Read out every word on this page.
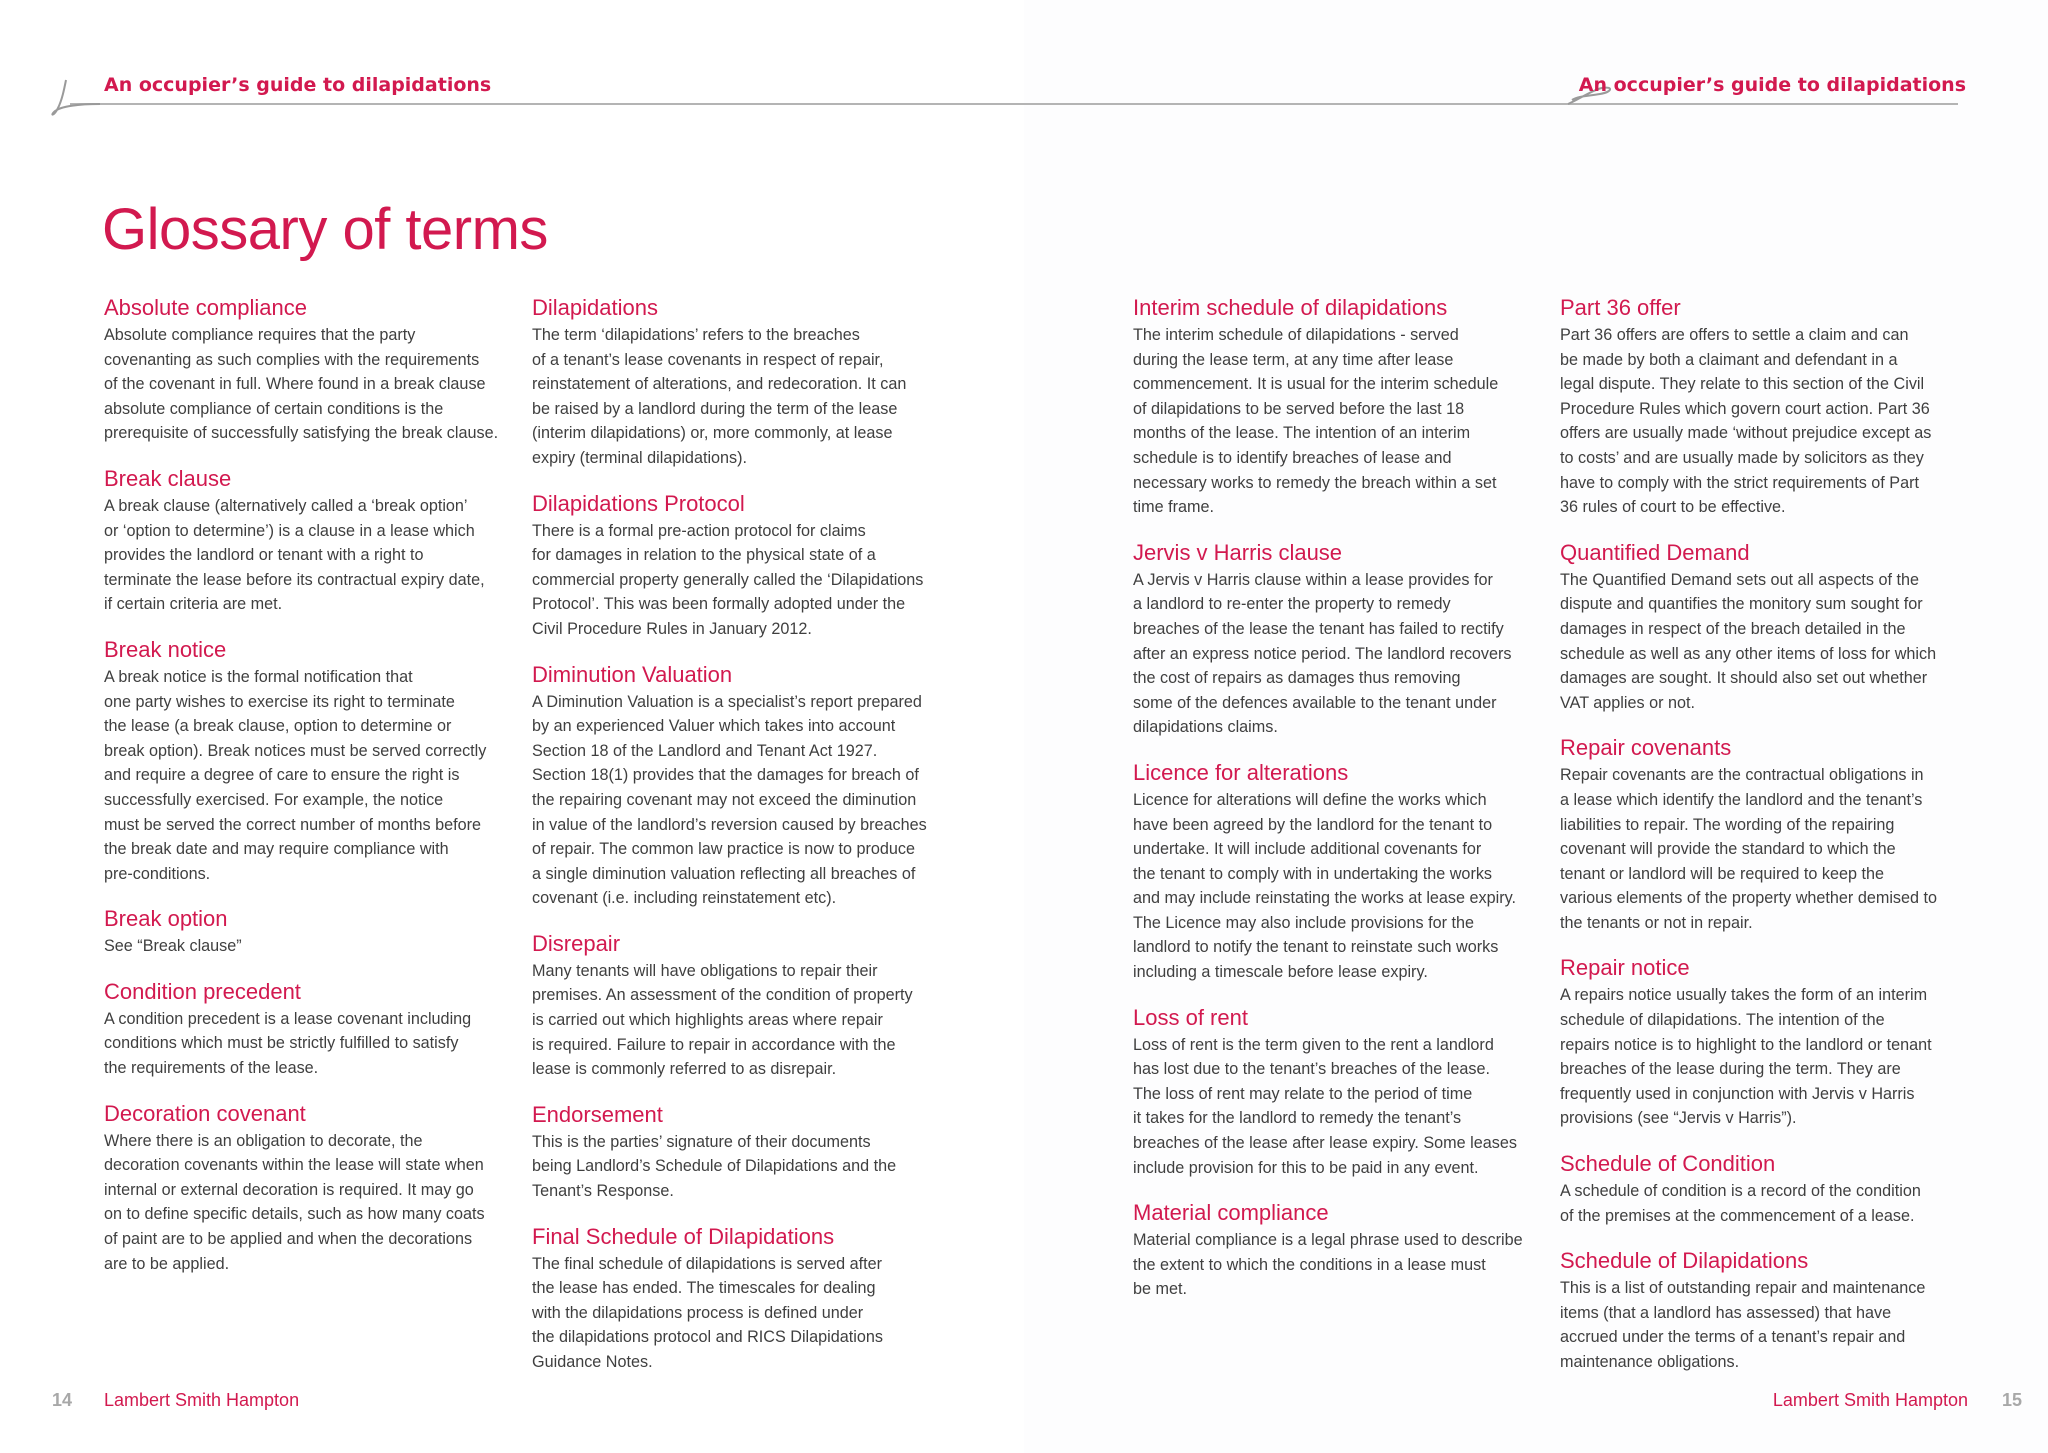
An occupier’s guide to dilapidations	An occupier’s guide to dilapidations
Glossary of terms

Absolute compliance

Absolute compliance requires that the party
covenanting as such complies with the requirements
of the covenant in full. Where found in a break clause
absolute compliance of certain conditions is the
prerequisite of successfully satisfying the break clause.

Break clause

A break clause (alternatively called a ‘break option’
or ‘option to determine’) is a clause in a lease which
provides the landlord or tenant with a right to
terminate the lease before its contractual expiry date,
if certain criteria are met.

Break notice

A break notice is the formal notification that
one party wishes to exercise its right to terminate
the lease (a break clause, option to determine or
break option). Break notices must be served correctly
and require a degree of care to ensure the right is
successfully exercised. For example, the notice
must be served the correct number of months before
the break date and may require compliance with
pre-conditions.

Break option

See “Break clause”

Condition precedent

A condition precedent is a lease covenant including
conditions which must be strictly fulfilled to satisfy
the requirements of the lease.

Decoration covenant

Where there is an obligation to decorate, the
decoration covenants within the lease will state when
internal or external decoration is required. It may go
on to define specific details, such as how many coats
of paint are to be applied and when the decorations
are to be applied.

Dilapidations

The term ‘dilapidations’ refers to the breaches
of a tenant’s lease covenants in respect of repair,
reinstatement of alterations, and redecoration. It can
be raised by a landlord during the term of the lease
(interim dilapidations) or, more commonly, at lease
expiry (terminal dilapidations).

Dilapidations Protocol

There is a formal pre-action protocol for claims
for damages in relation to the physical state of a
commercial property generally called the ‘Dilapidations
Protocol’. This was been formally adopted under the
Civil Procedure Rules in January 2012.

Diminution Valuation

A Diminution Valuation is a specialist’s report prepared
by an experienced Valuer which takes into account
Section 18 of the Landlord and Tenant Act 1927.
Section 18(1) provides that the damages for breach of
the repairing covenant may not exceed the diminution
in value of the landlord’s reversion caused by breaches
of repair. The common law practice is now to produce
a single diminution valuation reflecting all breaches of
covenant (i.e. including reinstatement etc).

Disrepair

Many tenants will have obligations to repair their
premises. An assessment of the condition of property
is carried out which highlights areas where repair
is required. Failure to repair in accordance with the
lease is commonly referred to as disrepair.

Endorsement

This is the parties’ signature of their documents
being Landlord’s Schedule of Dilapidations and the
Tenant’s Response.

Final Schedule of Dilapidations

The final schedule of dilapidations is served after
the lease has ended. The timescales for dealing
with the dilapidations process is defined under
the dilapidations protocol and RICS Dilapidations
Guidance Notes.

Interim schedule of dilapidations

The interim schedule of dilapidations - served
during the lease term, at any time after lease
commencement. It is usual for the interim schedule
of dilapidations to be served before the last 18
months of the lease. The intention of an interim
schedule is to identify breaches of lease and
necessary works to remedy the breach within a set
time frame.

Jervis v Harris clause

A Jervis v Harris clause within a lease provides for
a landlord to re-enter the property to remedy
breaches of the lease the tenant has failed to rectify
after an express notice period. The landlord recovers
the cost of repairs as damages thus removing
some of the defences available to the tenant under
dilapidations claims.

Licence for alterations

Licence for alterations will define the works which
have been agreed by the landlord for the tenant to
undertake. It will include additional covenants for
the tenant to comply with in undertaking the works
and may include reinstating the works at lease expiry.
The Licence may also include provisions for the
landlord to notify the tenant to reinstate such works
including a timescale before lease expiry.

Loss of rent

Loss of rent is the term given to the rent a landlord
has lost due to the tenant’s breaches of the lease.
The loss of rent may relate to the period of time
it takes for the landlord to remedy the tenant’s
breaches of the lease after lease expiry. Some leases
include provision for this to be paid in any event.

Material compliance

Material compliance is a legal phrase used to describe
the extent to which the conditions in a lease must
be met.

Part 36 offer

Part 36 offers are offers to settle a claim and can
be made by both a claimant and defendant in a
legal dispute. They relate to this section of the Civil
Procedure Rules which govern court action. Part 36
offers are usually made ‘without prejudice except as
to costs’ and are usually made by solicitors as they
have to comply with the strict requirements of Part
36 rules of court to be effective.

Quantified Demand

The Quantified Demand sets out all aspects of the
dispute and quantifies the monitory sum sought for
damages in respect of the breach detailed in the
schedule as well as any other items of loss for which
damages are sought. It should also set out whether
VAT applies or not.

Repair covenants

Repair covenants are the contractual obligations in
a lease which identify the landlord and the tenant’s
liabilities to repair. The wording of the repairing
covenant will provide the standard to which the
tenant or landlord will be required to keep the
various elements of the property whether demised to
the tenants or not in repair.

Repair notice

A repairs notice usually takes the form of an interim
schedule of dilapidations. The intention of the
repairs notice is to highlight to the landlord or tenant
breaches of the lease during the term. They are
frequently used in conjunction with Jervis v Harris
provisions (see “Jervis v Harris”).

Schedule of Condition

A schedule of condition is a record of the condition
of the premises at the commencement of a lease.

Schedule of Dilapidations

This is a list of outstanding repair and maintenance
items (that a landlord has assessed) that have
accrued under the terms of a tenant’s repair and
maintenance obligations.

14 Lambert Smith Hampton	Lambert Smith Hampton 15
